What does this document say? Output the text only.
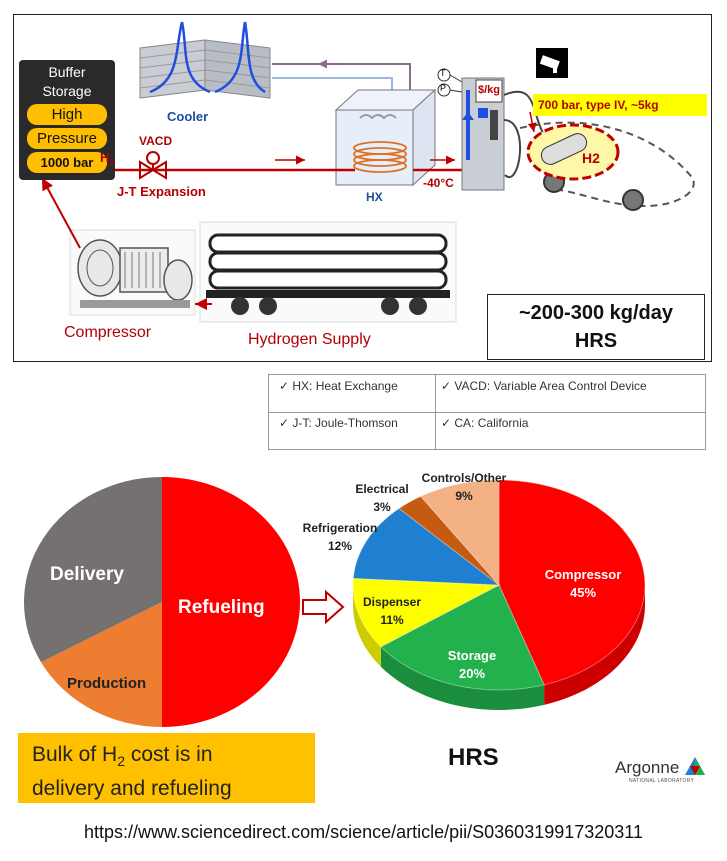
Buffer
Storage
High
Pressure
1000 bar
Cooler
VACD
$H_2$
J-T Expansion	HX
-40°C
T
P	$/kg
700 bar, type IV, ~5kg
H2
Compressor	Hydrogen Supply
~200-300 kg/day
HRS
✓ HX: Heat Exchange	✓ VACD: Variable Area Control Device
✓ J-T: Joule-Thomson	✓ CA: California
Delivery
Refueling
Production
Compressor
45%
Storage
20%
Dispenser
11%
Refrigeration
12%
Electrical
3%
Controls/Other
9%
Bulk of $H_2$ cost is in
delivery and refueling
HRS	Argonne
NATIONAL LABORATORY
https://www.sciencedirect.com/science/article/pii/S0360319917320311
